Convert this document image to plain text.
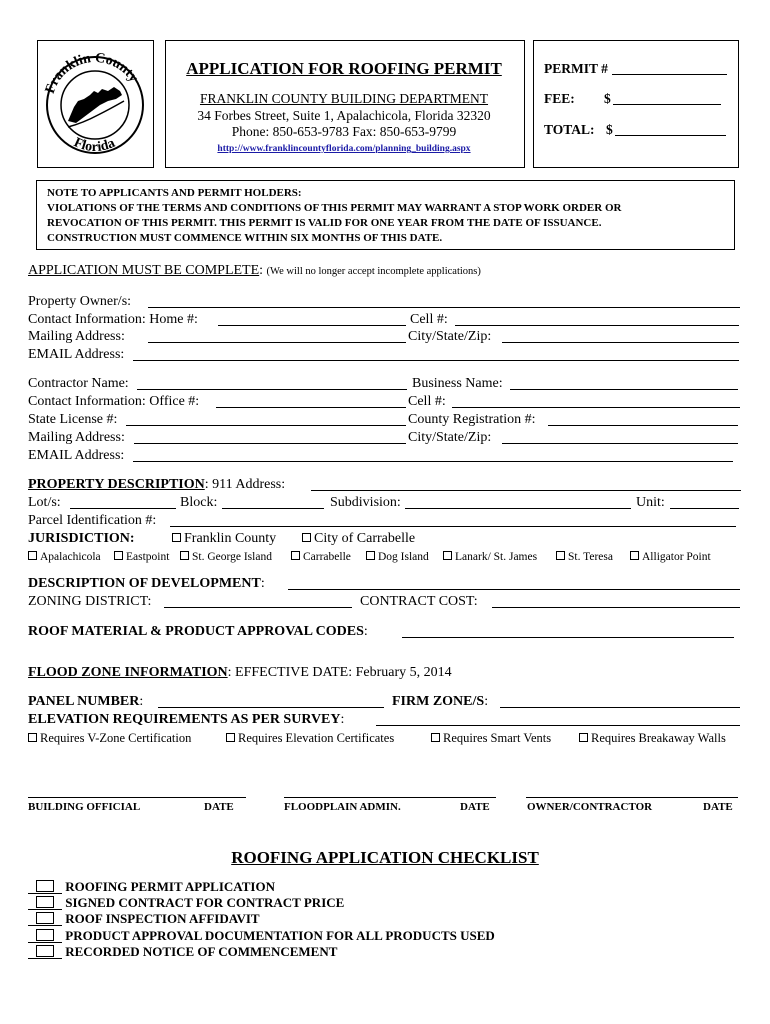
Franklin County
Florida
APPLICATION FOR ROOFING PERMIT
FRANKLIN COUNTY BUILDING DEPARTMENT
34 Forbes Street, Suite 1, Apalachicola, Florida 32320
Phone: 850-653-9783 Fax: 850-653-9799
http://www.franklincountyflorida.com/planning_building.aspx
PERMIT #
FEE: $
TOTAL: $
NOTE TO APPLICANTS AND PERMIT HOLDERS:
VIOLATIONS OF THE TERMS AND CONDITIONS OF THIS PERMIT MAY WARRANT A STOP WORK ORDER OR
REVOCATION OF THIS PERMIT. THIS PERMIT IS VALID FOR ONE YEAR FROM THE DATE OF ISSUANCE.
CONSTRUCTION MUST COMMENCE WITHIN SIX MONTHS OF THIS DATE.
APPLICATION MUST BE COMPLETE: (We will no longer accept incomplete applications)
Property Owner/s:
Contact Information: Home #:	Cell #:
Mailing Address:	City/State/Zip:
EMAIL Address:
Contractor Name:	Business Name:
Contact Information: Office #:	Cell #:
State License #:	County Registration #:
Mailing Address:	City/State/Zip:
EMAIL Address:
PROPERTY DESCRIPTION: 911 Address:
Lot/s:	Block:	Subdivision:	Unit:
Parcel Identification #:
JURISDICTION:	Franklin County	City of Carrabelle
Apalachicola	Eastpoint	St. George Island	Carrabelle	Dog Island	Lanark/ St. James	St. Teresa	Alligator Point
DESCRIPTION OF DEVELOPMENT:
ZONING DISTRICT:	CONTRACT COST:
ROOF MATERIAL & PRODUCT APPROVAL CODES:
FLOOD ZONE INFORMATION: EFFECTIVE DATE: February 5, 2014
PANEL NUMBER:	FIRM ZONE/S:
ELEVATION REQUIREMENTS AS PER SURVEY:
Requires V-Zone Certification	Requires Elevation Certificates	Requires Smart Vents	Requires Breakaway Walls
BUILDING OFFICIAL	DATE	FLOODPLAIN ADMIN.	DATE	OWNER/CONTRACTOR	DATE
ROOFING APPLICATION CHECKLIST
ROOFING PERMIT APPLICATION
SIGNED CONTRACT FOR CONTRACT PRICE
ROOF INSPECTION AFFIDAVIT
PRODUCT APPROVAL DOCUMENTATION FOR ALL PRODUCTS USED
RECORDED NOTICE OF COMMENCEMENT
